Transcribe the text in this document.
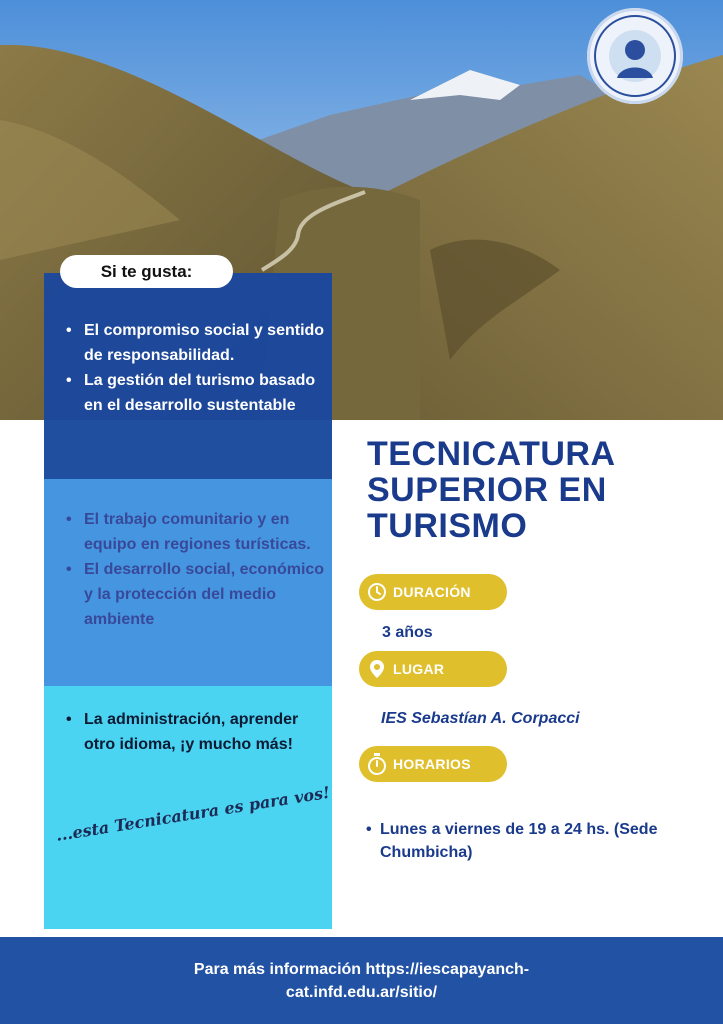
Si te gusta:
• El compromiso social y sentido de responsabilidad.
• La gestión del turismo basado en el desarrollo sustentable
• El trabajo comunitario y en equipo en regiones turísticas.
• El desarrollo social, económico y la protección del medio ambiente
• La administración, aprender otro idioma, ¡y mucho más!
...esta Tecnicatura es para vos!
TECNICATURA
SUPERIOR EN
TURISMO
DURACIÓN
3 años
LUGAR
IES Sebastían A. Corpacci
HORARIOS
• Lunes a viernes de 19 a 24 hs. (Sede Chumbicha)
Para más información https://iescapayanch-
cat.infd.edu.ar/sitio/
